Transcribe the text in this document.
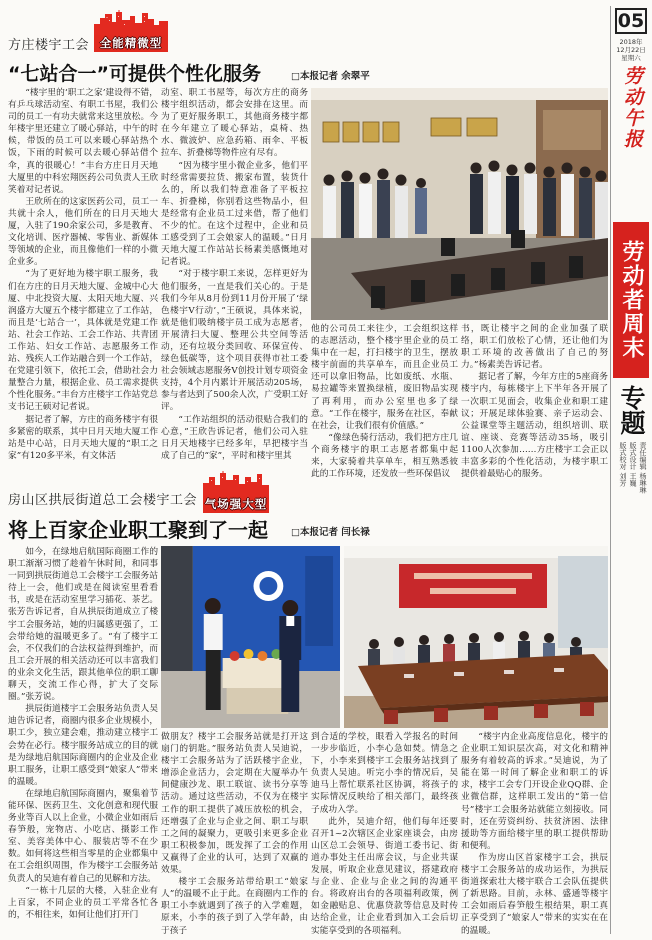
05
2018年
12月22日
星期六
劳动午报
劳动者周末
专题
责任编辑 杨琳琳
版式设计 王巍
版式校对 刘芳
方庄楼宇工会 全能精微型
“七站合一”可提供个性化服务	□本报记者 余翠平

“楼宇里的‘职工之家’建设得不错，有乒乓球活动室、有职工书屋，我们公司的员工一有功夫就常来这里放松。今年楼宇里还建立了暖心驿站，中午的时候，带饭的员工可以来暖心驿站热个饭，下雨的时候可以去暖心驿站借个伞，真的很暖心！”丰台方庄日月天地大厦里的中科宏翔医药公司负责人王欣笑着对记者说。

王欣所在的这家医药公司，员工一共就十余人，他们所在的日月天地大厦，入驻了190余家公司，多是教育、文化培训、医疗器械、零售业、新媒体等领域的企业，而且像他们一样的小微企业多。

“为了更好地为楼宇职工服务，我们在方庄的日月天地大厦、金城中心大厦、中北投资大厦、太阳天地大厦、兴润盛方大厦五个楼宇都建立了工作站，而且是‘七站合一’，具体就是党建工作站、社会工作站、工会工作站、共青团工作站、妇女工作站、志愿服务工作站、残疾人工作站融合到一个工作站，在党建引领下，依托工会，借助社会力量整合力量，根据企业、员工需求提供个性化服务。”丰台方庄楼宇工作站党总支书记王硕对记者说。

据记者了解，方庄的商务楼宇有很多紧密的联系，其中日月天地大厦工作站是中心站，日月天地大厦的“职工之家”有120多平米，有文体活

动室、职工书屋等，每次方庄的商务楼宇组织活动，都会安排在这里。而为了更好服务职工，其他商务楼宇都在今年建立了暖心驿站，桌椅、热水、微波炉、应急药箱、雨伞、平板拉车、折叠梯等物件应有尽有。

“因为楼宇里小微企业多，他们平时经常需要拉货、搬家布置，装货什么的，所以我们特意准备了平板拉车、折叠梯，你别看这些物品小，但是经常有企业员工过来借，帮了他们不少的忙。在这个过程中，企业和员工感受到了工会娘家人的温暖。”日月天地大厦工作站站长杨素美感慨地对记者说。

“对于楼宇职工来说，怎样更好为他们服务，一直是我们关心的。于是我们今年从8月份到11月份开展了‘绿色楼宇V行动’，”王硕说，具体来说，就是他们吸纳楼宇员工成为志愿者，开展清扫大厦、整理公共空间等活动，还有垃圾分类回收、环保宣传、绿色低碳等，这个项目获得市社工委社会领域志愿服务V创投计划专项资金支持，4个月内累计开展活动205场，参与者达到了500余人次，广受职工好评。

“工作站组织的活动很贴合我们的心意，”王欣告诉记者，他们公司入驻日月天地楼宇已经多年，早把楼宇当成了自己的“家”，平时和楼宇里其

他的公司员工来往少，工会组织这样的志愿活动，整个楼宇里企业的员工集中在一起，打扫楼宇的卫生，摆放楼宇前面的共享单车，而且企业员工还可以拿旧物品，比如废纸、水瓶、易拉罐等来置换绿植，废旧物品实现了再利用，而办公室里也多了绿意。“工作在楼宇，服务在社区，奉献在社会，让我们很有价值感。”

“像绿色骑行活动，我们把方庄几个商务楼宇的职工志愿者都集中起来，大家骑着共享单车，相互熟悉彼此的工作环境，还发放一些环保倡议

书，既让楼宇之间的企业加强了联络，职工们放松了心情，还让他们为职工环境的改善做出了自己的努力。”杨素美告诉记者。

据记者了解，今年方庄的5座商务楼宇内，每栋楼宇上下半年各开展了一次职工见面会，收集企业和职工建议；开展足球体验赛、亲子运动会、公益课堂等主题活动，组织培训、联谊、座谈、竞赛等活动35场，吸引1100人次参加……方庄楼宇工会正以丰富多彩的个性化活动，为楼宇职工提供着最贴心的服务。

房山区拱辰街道总工会楼宇工会 气场强大型
将上百家企业职工聚到了一起 □本报记者 闫长禄

如今，在绿地启航国际商圈工作的职工渐渐习惯了趁着午休时间，和同事一同到拱辰街道总工会楼宇工会服务站待上一会，他们或是在阅读室里看看书，或是在活动室里学习插花、茶艺。张芳告诉记者，自从拱辰街道成立了楼宇工会服务站，她的归属感更强了，工会带给她的温暖更多了。“有了楼宇工会，不仅我们的合法权益得到维护，而且工会开展的相关活动还可以丰富我们的业余文化生活，跟其他单位的职工聊聊天，交流工作心得，扩大了交际圈。”张芳说。

拱辰街道楼宇工会服务站负责人吴迪告诉记者，商圈内很多企业规模小，职工少，独立建会难，推动建立楼宇工会势在必行。楼宇服务站成立的目的就是为绿地启航国际商圈内的企业及企业职工服务，让职工感受到“娘家人”带来的温暖。

在绿地启航国际商圈内，聚集着节能环保、医药卫生、文化创意和现代服务业等百人以上企业，小微企业如雨后春笋般，宠物店、小吃店、摄影工作室、美容美体中心、服装店等不在少数。如何将这些相当零星的企业都集中在工会组织周围，作为楼宇工会服务站负责人的吴迪有着自己的见解和方法。

“一栋十几层的大楼，入驻企业有上百家，不同企业的员工平常各忙各的，不相往来，如何让他们打开门

做朋友？楼宇工会服务站就是打开这扇门的钥匙。”服务站负责人吴迪说，楼宇工会服务站为了活跃楼宇企业，增添企业活力，会定期在大厦举办午间健康沙龙、职工联谊、读书分享等活动。通过这些活动，不仅为在楼宇工作的职工提供了减压放松的机会，还增强了企业与企业之间、职工与职工之间的凝聚力，更吸引来更多企业职工积极参加，既发挥了工会的作用又赢得了企业的认可，达到了双赢的效果。

楼宇工会服务站带给职工“娘家人”的温暖不止于此。在商圈内工作的职工小李就遇到了孩子的入学难题，原来，小李的孩子到了入学年龄，由于孩子

到合适的学校，眼看入学报名的时间一步步临近，小李心急如焚。情急之下，小李来到楼宇工会服务站找到了负责人吴迪。听完小李的情况后，吴迪马上帮忙联系社区协调，将孩子的实际情况反映给了相关部门，最终孩子成功入学。

此外，吴迪介绍，他们每年还要召开1~2次辖区企业家座谈会，由房山区总工会领导、街道工委书记、街道办事处主任出席会议，与企业共谋发展，听取企业意见建议，搭建政府与企业、企业与企业之间的沟通平台。将政府出台的各项福利政策，例如金融贴息、优惠贷款等信息及时传达给企业，让企业看到加入工会后切实能享受到的各项福利。

“楼宇内企业高度信息化，楼宇的企业职工知识层次高，对文化和精神服务有着较高的诉求。”吴迪说，为了能在第一时间了解企业和职工的诉求，楼宇工会专门开设企业QQ群、企业微信群，这样职工发出的“第一信号”楼宇工会服务站就能立刻接收。同时，还在劳资纠纷、扶贫济困、法律援助等方面给楼宇里的职工提供帮助和便利。

作为房山区首家楼宇工会，拱辰楼宇工会服务站的成功运作，为拱辰街道探索壮大楼宇联合工会队伍提供了新思路。目前，永林、盛通等楼宇工会如雨后春笋般生根结果，职工真正享受到了“娘家人”带来的实实在在的温暖。
